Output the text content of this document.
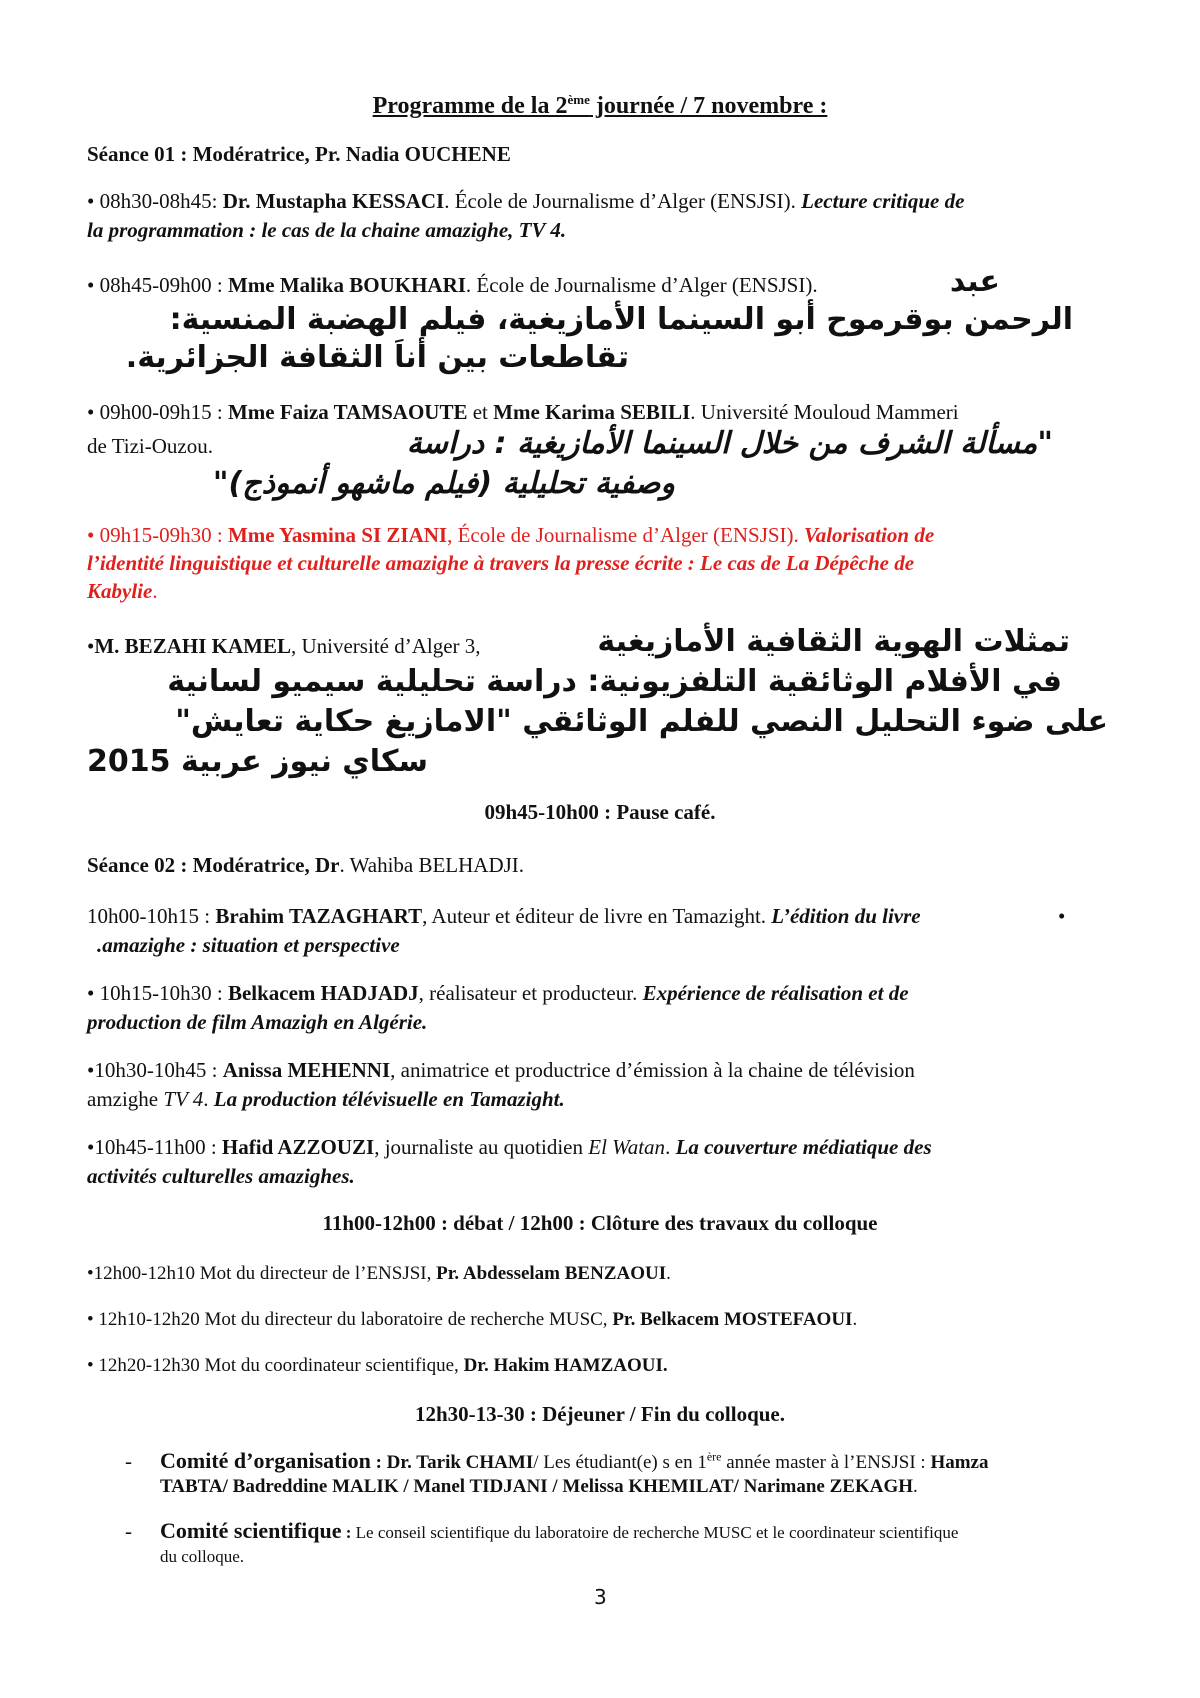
Programme de la 2ème journée / 7 novembre :
Séance 01 : Modératrice, Pr. Nadia OUCHENE
• 08h30-08h45: Dr. Mustapha KESSACI. École de Journalisme d’Alger (ENSJSI). Lecture critique de
la programmation : le cas de la chaine amazighe, TV 4.
• 08h45-09h00 : Mme Malika BOUKHARI. École de Journalisme d’Alger (ENSJSI).	عبد
الرحمن بوقرموح أبو السينما الأمازيغية، فيلم الهضبة المنسية:
تقاطعات بين أناَ الثقافة الجزائرية.
• 09h00-09h15 : Mme Faiza TAMSAOUTE et Mme Karima SEBILI. Université Mouloud Mammeri
de Tizi-Ouzou.	"مسألة الشرف من خلال السينما الأمازيغية : دراسة
وصفية تحليلية (فيلم ماشهو أنموذج)"
• 09h15-09h30 : Mme Yasmina SI ZIANI, École de Journalisme d’Alger (ENSJSI). Valorisation de
l’identité linguistique et culturelle amazighe à travers la presse écrite : Le cas de La Dépêche de
Kabylie.
•M. BEZAHI KAMEL, Université d’Alger 3,	تمثلات الهوية الثقافية الأمازيغية
في الأفلام الوثائقية التلفزيونية: دراسة تحليلية سيميو لسانية
على ضوء التحليل النصي للفلم الوثائقي "الامازيغ حكاية تعايش"
سكاي نيوز عربية 2015
09h45-10h00 : Pause café.
Séance 02 : Modératrice, Dr. Wahiba BELHADJI.
10h00-10h15 : Brahim TAZAGHART, Auteur et éditeur de livre en Tamazight. L’édition du livre	•
.amazighe : situation et perspective
• 10h15-10h30 : Belkacem HADJADJ, réalisateur et producteur. Expérience de réalisation et de
production de film Amazigh en Algérie.
•10h30-10h45 : Anissa MEHENNI, animatrice et productrice d’émission à la chaine de télévision
amzighe TV 4. La production télévisuelle en Tamazight.
•10h45-11h00 : Hafid AZZOUZI, journaliste au quotidien El Watan. La couverture médiatique des
activités culturelles amazighes.
11h00-12h00 : débat / 12h00 : Clôture des travaux du colloque
•12h00-12h10 Mot du directeur de l’ENSJSI, Pr. Abdesselam BENZAOUI.
• 12h10-12h20 Mot du directeur du laboratoire de recherche MUSC, Pr. Belkacem MOSTEFAOUI.
• 12h20-12h30 Mot du coordinateur scientifique, Dr. Hakim HAMZAOUI.
12h30-13-30 : Déjeuner / Fin du colloque.
- Comité d’organisation : Dr. Tarik CHAMI/ Les étudiant(e) s en 1ère année master à l’ENSJSI : Hamza
TABTA/ Badreddine MALIK / Manel TIDJANI / Melissa KHEMILAT/ Narimane ZEKAGH.
- Comité scientifique : Le conseil scientifique du laboratoire de recherche MUSC et le coordinateur scientifique
du colloque.
3
